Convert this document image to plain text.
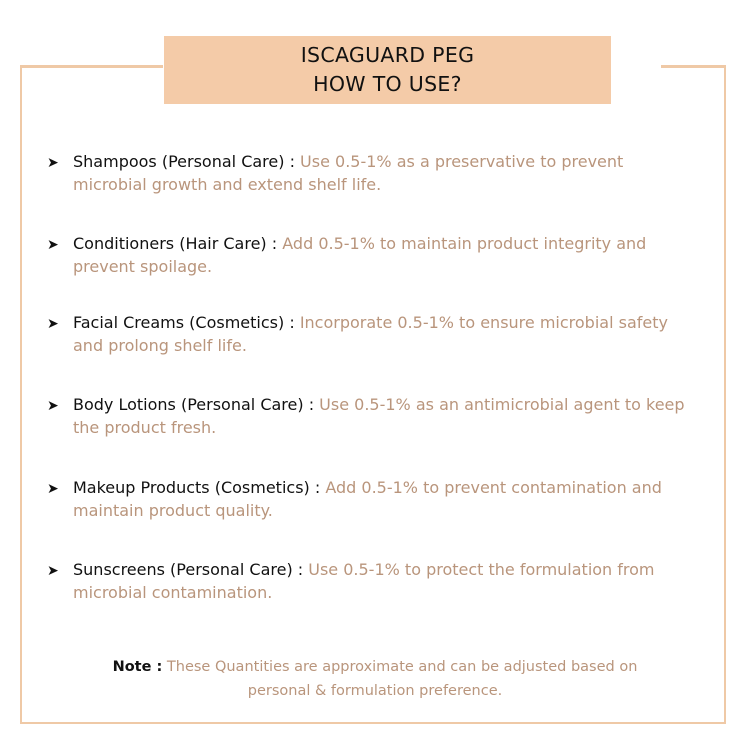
ISCAGUARD PEG
HOW TO USE?
➤ Shampoos (Personal Care) : Use 0.5-1% as a preservative to prevent
microbial growth and extend shelf life.
➤ Conditioners (Hair Care) : Add 0.5-1% to maintain product integrity and
prevent spoilage.
➤ Facial Creams (Cosmetics) : Incorporate 0.5-1% to ensure microbial safety
and prolong shelf life.
➤ Body Lotions (Personal Care) : Use 0.5-1% as an antimicrobial agent to keep
the product fresh.
➤ Makeup Products (Cosmetics) : Add 0.5-1% to prevent contamination and
maintain product quality.
➤ Sunscreens (Personal Care) : Use 0.5-1% to protect the formulation from
microbial contamination.
Note : These Quantities are approximate and can be adjusted based on
personal & formulation preference.
